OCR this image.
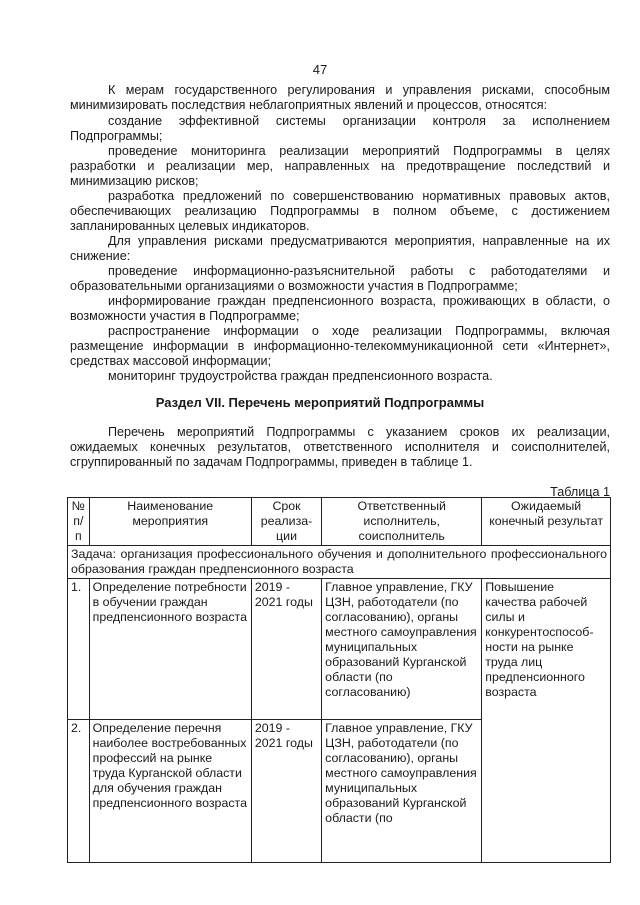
47

К мерам государственного регулирования и управления рисками, способным минимизировать последствия неблагоприятных явлений и процессов, относятся:

создание эффективной системы организации контроля за исполнением Подпрограммы;

проведение мониторинга реализации мероприятий Подпрограммы в целях разработки и реализации мер, направленных на предотвращение последствий и минимизацию рисков;

разработка предложений по совершенствованию нормативных правовых актов, обеспечивающих реализацию Подпрограммы в полном объеме, с достижением запланированных целевых индикаторов.

Для управления рисками предусматриваются мероприятия, направленные на их снижение:

проведение информационно-разъяснительной работы с работодателями и образовательными организациями о возможности участия в Подпрограмме;

информирование граждан предпенсионного возраста, проживающих в области, о возможности участия в Подпрограмме;

распространение информации о ходе реализации Подпрограммы, включая размещение информации в информационно-телекоммуникационной сети «Интернет», средствах массовой информации;

мониторинг трудоустройства граждан предпенсионного возраста.

Раздел VII. Перечень мероприятий Подпрограммы

Перечень мероприятий Подпрограммы с указанием сроков их реализации, ожидаемых конечных результатов, ответственного исполнителя и соисполнителей, сгруппированный по задачам Подпрограммы, приведен в таблице 1.

Таблица 1
№ п/п	Наименование мероприятия	Срок реализа-ции	Ответственный исполнитель, соисполнитель	Ожидаемый конечный результат
Задача: организация профессионального обучения и дополнительного профессионального образования граждан предпенсионного возраста				
1.	Определение потребности в обучении граждан предпенсионного возраста	2019 - 2021 годы	Главное управление, ГКУ ЦЗН, работодатели (по согласованию), органы местного самоуправления муниципальных образований Курганской области (по согласованию)	Повышение качества рабочей силы и конкурентоспособ-ности на рынке труда лиц предпенсионного возраста
2.	Определение перечня наиболее востребованных профессий на рынке труда Курганской области для обучения граждан предпенсионного возраста	2019 - 2021 годы	Главное управление, ГКУ ЦЗН, работодатели (по согласованию), органы местного самоуправления муниципальных образований Курганской области (по	
